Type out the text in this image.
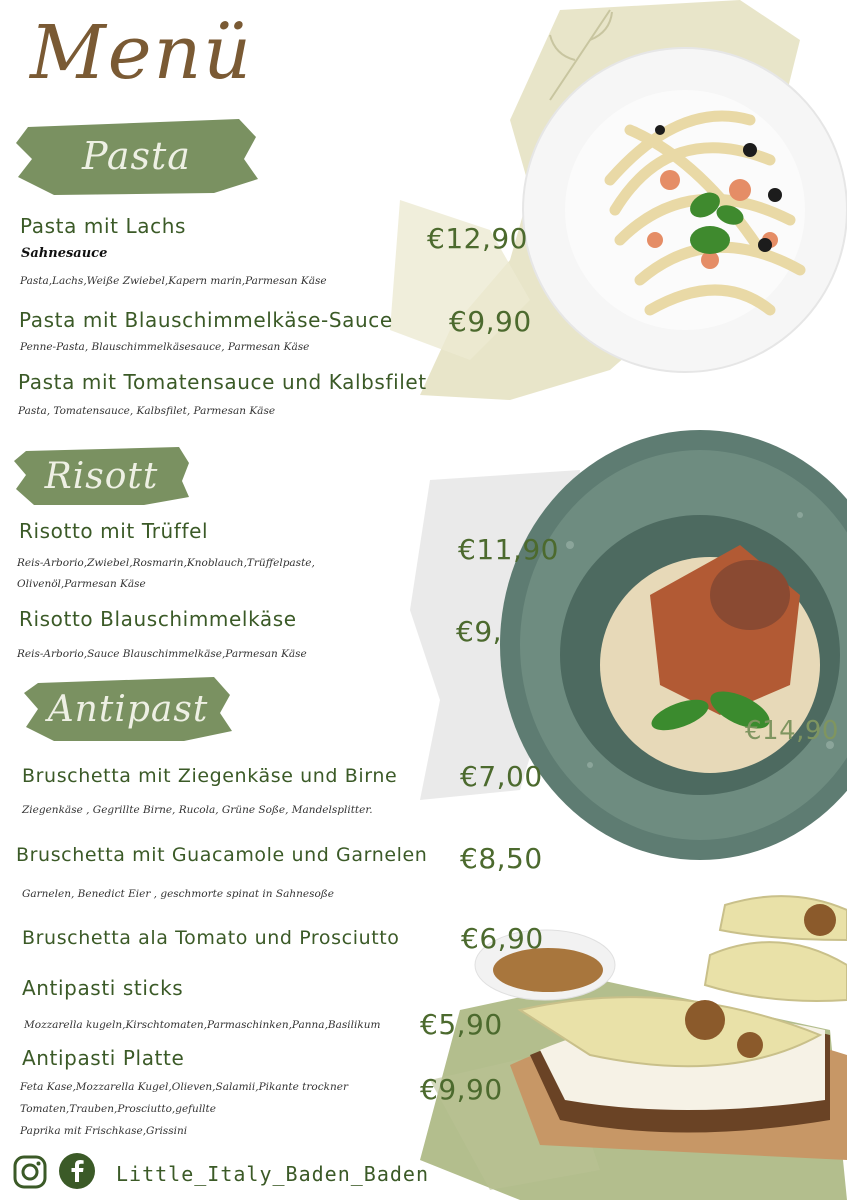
Menü
Pasta
Pasta mit Lachs
Sahnesauce
Pasta,Lachs,Weiße Zwiebel,Kapern marin,Parmesan Käse
€12,90
Pasta mit Blauschimmelkäse-Sauce
Penne-Pasta, Blauschimmelkäsesauce, Parmesan Käse
€9,90
Pasta mit Tomatensauce und Kalbsfilet
Pasta, Tomatensauce, Kalbsfilet, Parmesan Käse
Risott
Risotto mit Trüffel
Reis-Arborio,Zwiebel,Rosmarin,Knoblauch,Trüffelpaste,
Olivenöl,Parmesan Käse
€11,90
Risotto Blauschimmelkäse
Reis-Arborio,Sauce Blauschimmelkäse,Parmesan Käse
€9,
Antipast
€14,90
Bruschetta mit Ziegenkäse und Birne
Ziegenkäse , Gegrillte Birne, Rucola, Grüne Soße, Mandelsplitter.
€7,00
Bruschetta mit Guacamole und Garnelen
Garnelen, Benedict Eier , geschmorte spinat in Sahnesoße
€8,50
Bruschetta ala Tomato und Prosciutto €6,90
Antipasti sticks
Mozzarella kugeln,Kirschtomaten,Parmaschinken,Panna,Basilikum €5,90
Antipasti Platte
Feta Kase,Mozzarella Kugel,Olieven,Salamii,Pikante trockner
Tomaten,Trauben,Prosciutto,gefullte
Paprika mit Frischkase,Grissini
€9,90
Little_Italy_Baden_Baden
